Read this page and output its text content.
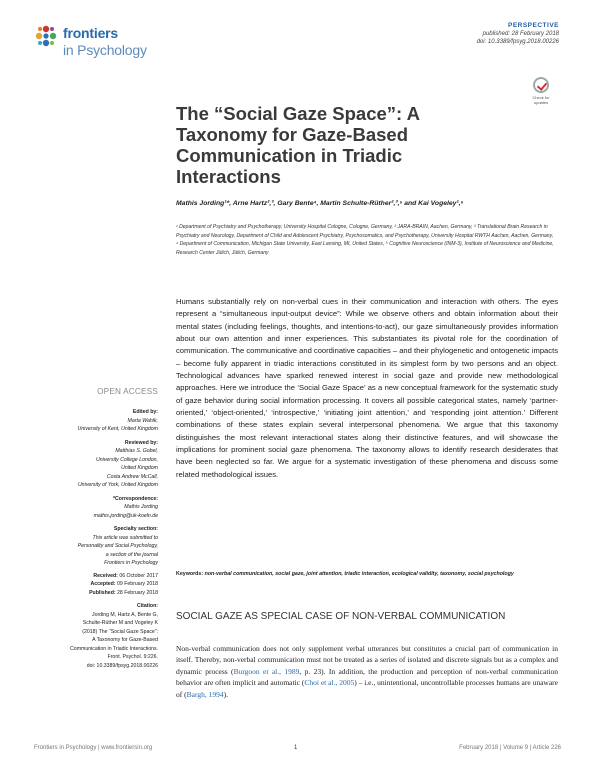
frontiers
in Psychology
PERSPECTIVE
published: 28 February 2018
doi: 10.3389/fpsyg.2018.00226
Check for updates
The “Social Gaze Space”: A Taxonomy for Gaze-Based Communication in Triadic Interactions
Mathis Jording¹*, Arne Hartz²,³, Gary Bente⁴, Martin Schulte-Rüther²,³,⁵ and Kai Vogeley¹,⁶
¹ Department of Psychiatry and Psychotherapy, University Hospital Cologne, Cologne, Germany, ² JARA-BRAIN, Aachen, Germany, ³ Translational Brain Research in Psychiatry and Neurology, Department of Child and Adolescent Psychiatry, Psychosomatics, and Psychotherapy, University Hospital RWTH Aachen, Aachen, Germany, ⁴ Department of Communication, Michigan State University, East Lansing, MI, United States, ⁵ Cognitive Neuroscience (INM-3), Institute of Neuroscience and Medicine, Research Center Jülich, Jülich, Germany

Humans substantially rely on non-verbal cues in their communication and interaction with others. The eyes represent a “simultaneous input-output device”: While we observe others and obtain information about their mental states (including feelings, thoughts, and intentions-to-act), our gaze simultaneously provides information about our own attention and inner experiences. This substantiates its pivotal role for the coordination of communication. The communicative and coordinative capacities – and their phylogenetic and ontogenetic impacts – become fully apparent in triadic interactions constituted in its simplest form by two persons and an object. Technological advances have sparked renewed interest in social gaze and provide new methodological approaches. Here we introduce the ‘Social Gaze Space’ as a new conceptual framework for the systematic study of gaze behavior during social information processing. It covers all possible categorical states, namely ‘partner-oriented,’ ‘object-oriented,’ ‘introspective,’ ‘initiating joint attention,’ and ‘responding joint attention.’ Different combinations of these states explain several interpersonal phenomena. We argue that this taxonomy distinguishes the most relevant interactional states along their distinctive features, and will showcase the implications for prominent social gaze phenomena. The taxonomy allows to identify research desiderates that have been neglected so far. We argue for a systematic investigation of these phenomena and discuss some related methodological issues.

Keywords: non-verbal communication, social gaze, joint attention, triadic interaction, ecological validity, taxonomy, social psychology
OPEN ACCESS
Edited by:
Marta Wahlk,
University of Kent, United Kingdom
Reviewed by:
Matthias S. Gobel,
University College London,
United Kingdom
Costa Andrew McCall,
University of York, United Kingdom
*Correspondence:
Mathis Jording
mathis.jording@uk-koeln.de
Specialty section:
This article was submitted to
Personality and Social Psychology,
a section of the journal
Frontiers in Psychology
Received: 06 October 2017
Accepted: 09 February 2018
Published: 28 February 2018
Citation:
Jording M, Hartz A, Bente G,
Schulte-Rüther M and Vogeley K
(2018) The “Social Gaze Space”:
A Taxonomy for Gaze-Based
Communication in Triadic Interactions.
Front. Psychol. 9:226.
doi: 10.3389/fpsyg.2018.00226
SOCIAL GAZE AS SPECIAL CASE OF NON-VERBAL COMMUNICATION

Non-verbal communication does not only supplement verbal utterances but constitutes a crucial part of communication in itself. Thereby, non-verbal communication must not be treated as a series of isolated and discrete signals but as a complex and dynamic process (Burgoon et al., 1989, p. 23). In addition, the production and perception of non-verbal communication behavior are often implicit and automatic (Choi et al., 2005) – i.e., unintentional, uncontrollable processes humans are unaware of (Bargh, 1994).

Frontiers in Psychology | www.frontiersin.org	1	February 2018 | Volume 9 | Article 226
